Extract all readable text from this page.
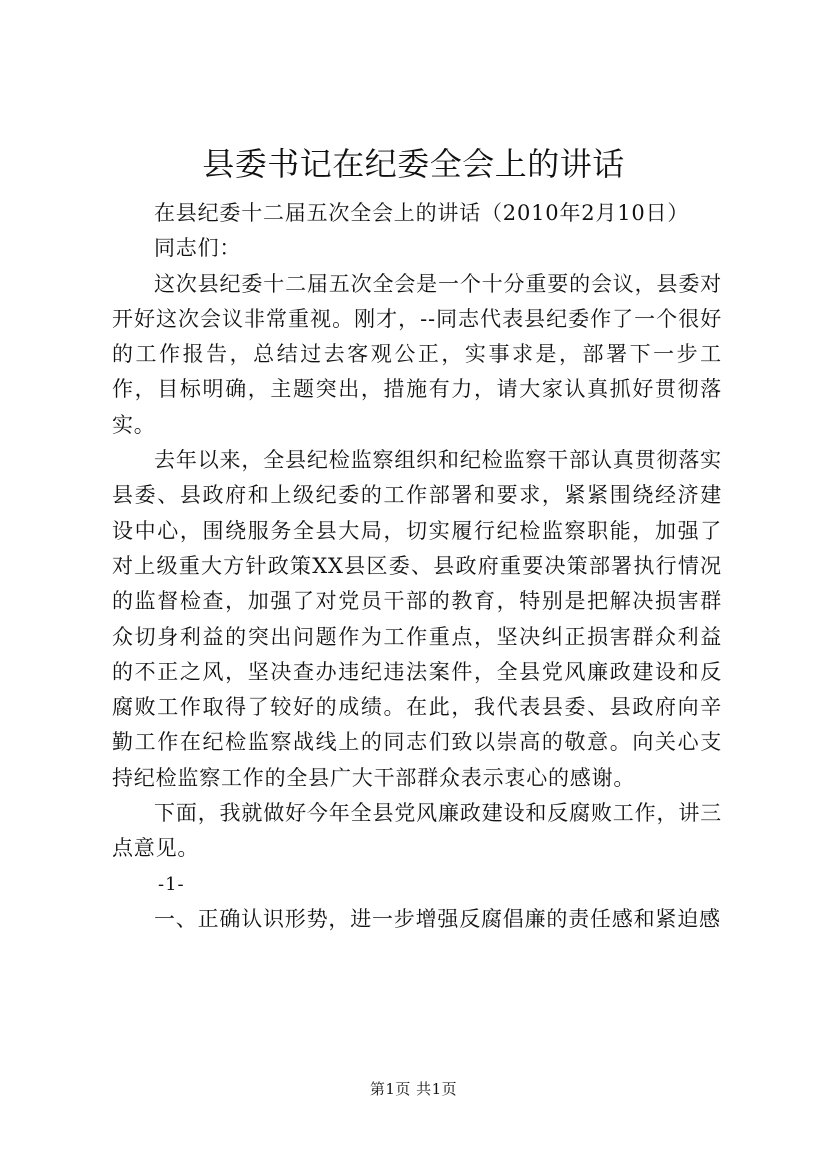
县委书记在纪委全会上的讲话

在县纪委十二届五次全会上的讲话（2010年2月10日）

同志们：

这次县纪委十二届五次全会是一个十分重要的会议，县委对开好这次会议非常重视。刚才，--同志代表县纪委作了一个很好的工作报告，总结过去客观公正，实事求是，部署下一步工作，目标明确，主题突出，措施有力，请大家认真抓好贯彻落实。

去年以来，全县纪检监察组织和纪检监察干部认真贯彻落实县委、县政府和上级纪委的工作部署和要求，紧紧围绕经济建设中心，围绕服务全县大局，切实履行纪检监察职能，加强了对上级重大方针政策XX县区委、县政府重要决策部署执行情况的监督检查，加强了对党员干部的教育，特别是把解决损害群众切身利益的突出问题作为工作重点，坚决纠正损害群众利益的不正之风，坚决查办违纪违法案件，全县党风廉政建设和反腐败工作取得了较好的成绩。在此，我代表县委、县政府向辛勤工作在纪检监察战线上的同志们致以崇高的敬意。向关心支持纪检监察工作的全县广大干部群众表示衷心的感谢。

下面，我就做好今年全县党风廉政建设和反腐败工作，讲三点意见。

-1-

一、正确认识形势，进一步增强反腐倡廉的责任感和紧迫感

第1页 共1页
